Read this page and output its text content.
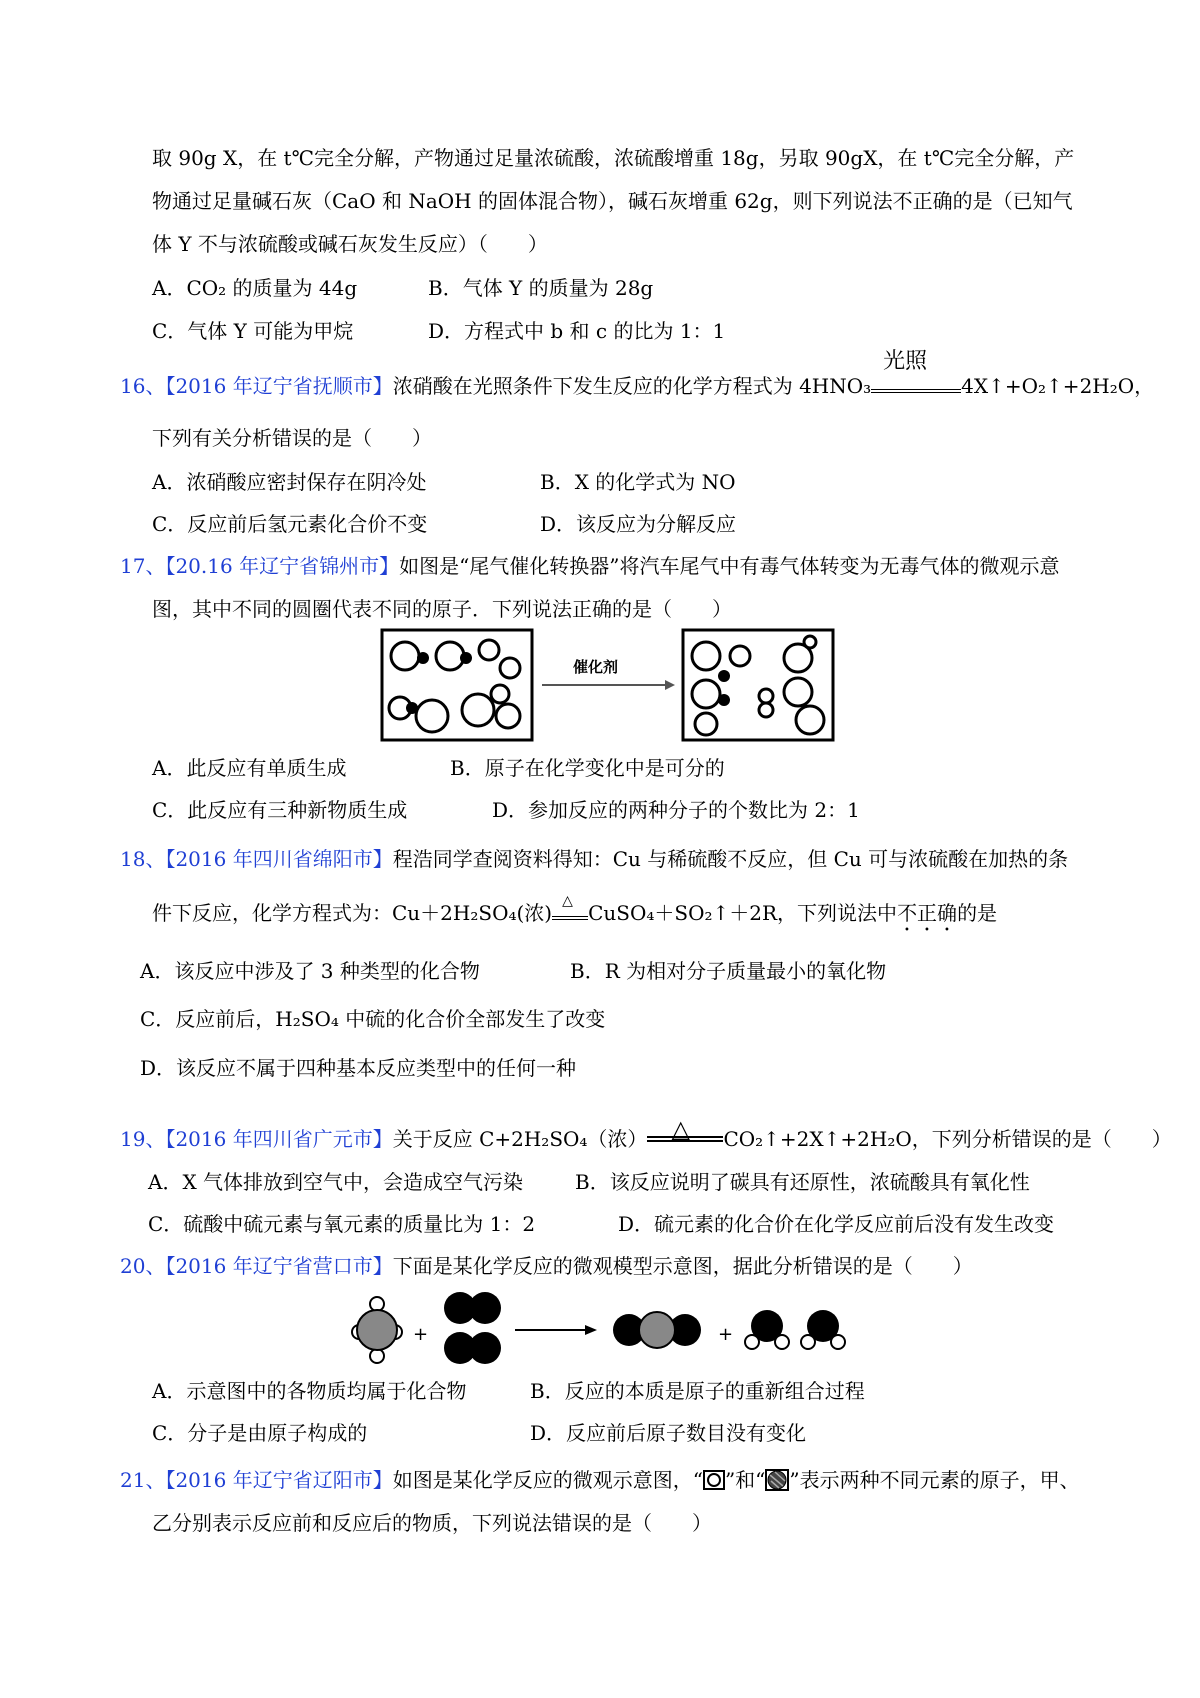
取 90g X，在 t℃完全分解，产物通过足量浓硫酸，浓硫酸增重 18g，另取 90gX，在 t℃完全分解，产
物通过足量碱石灰（CaO 和 NaOH 的固体混合物），碱石灰增重 62g，则下列说法不正确的是（已知气
体 Y 不与浓硫酸或碱石灰发生反应）（　　）
A．CO₂ 的质量为 44g	B．气体 Y 的质量为 28g
C．气体 Y 可能为甲烷	D．方程式中 b 和 c 的比为 1：1
16、【2016 年辽宁省抚顺市】浓硝酸在光照条件下发生反应的化学方程式为 4HNO₃
光照
4X↑+O₂↑+2H₂O，
下列有关分析错误的是（　　）
A．浓硝酸应密封保存在阴冷处	B．X 的化学式为 NO
C．反应前后氢元素化合价不变	D．该反应为分解反应
17、【20.16 年辽宁省锦州市】如图是“尾气催化转换器”将汽车尾气中有毒气体转变为无毒气体的微观示意
图，其中不同的圆圈代表不同的原子．下列说法正确的是（　　）
催化剂
A．此反应有单质生成	B．原子在化学变化中是可分的
C．此反应有三种新物质生成	D．参加反应的两种分子的个数比为 2：1
18、【2016 年四川省绵阳市】程浩同学查阅资料得知：Cu 与稀硫酸不反应，但 Cu 可与浓硫酸在加热的条
件下反应，化学方程式为：Cu＋2H₂SO₄(浓) △ CuSO₄＋SO₂↑＋2R，下列说法中不正确的是
A．该反应中涉及了 3 种类型的化合物	B．R 为相对分子质量最小的氧化物
C．反应前后，H₂SO₄ 中硫的化合价全部发生了改变
D．该反应不属于四种基本反应类型中的任何一种
19、【2016 年四川省广元市】关于反应 C+2H₂SO₄（浓） △ CO₂↑+2X↑+2H₂O，下列分析错误的是（　　）
A．X 气体排放到空气中，会造成空气污染	B．该反应说明了碳具有还原性，浓硫酸具有氧化性
C．硫酸中硫元素与氧元素的质量比为 1：2	D．硫元素的化合价在化学反应前后没有发生改变
20、【2016 年辽宁省营口市】下面是某化学反应的微观模型示意图，据此分析错误的是（　　）
+	+
A．示意图中的各物质均属于化合物	B．反应的本质是原子的重新组合过程
C．分子是由原子构成的	D．反应前后原子数目没有变化
21、【2016 年辽宁省辽阳市】如图是某化学反应的微观示意图，“ ”和“ ”表示两种不同元素的原子，甲、
乙分别表示反应前和反应后的物质，下列说法错误的是（　　）
